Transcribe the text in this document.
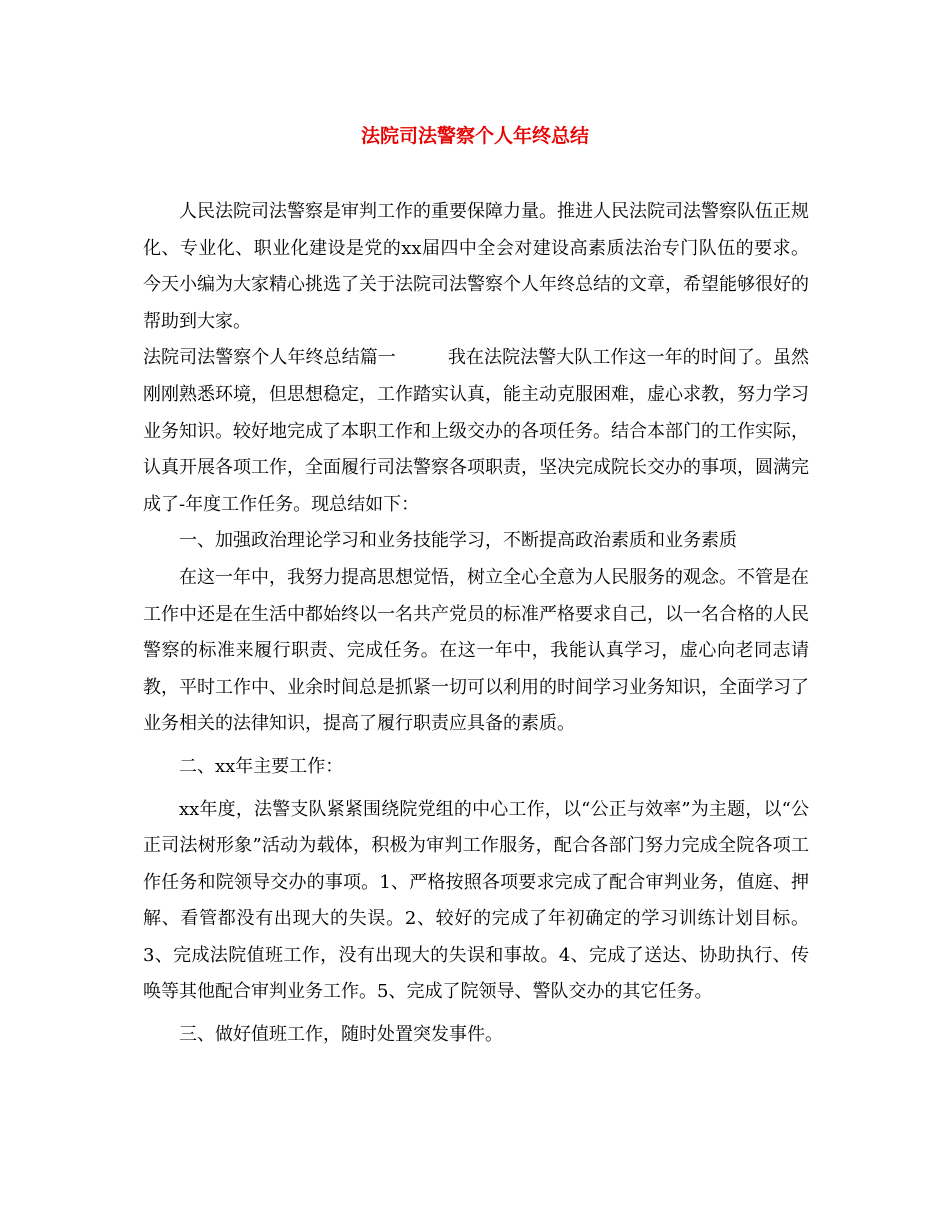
法院司法警察个人年终总结

人民法院司法警察是审判工作的重要保障力量。推进人民法院司法警察队伍正规化、专业化、职业化建设是党的xx届四中全会对建设高素质法治专门队伍的要求。今天小编为大家精心挑选了关于法院司法警察个人年终总结的文章，希望能够很好的帮助到大家。

法院司法警察个人年终总结篇一	我在法院法警大队工作这一年的时间了。虽然刚刚熟悉环境，但思想稳定，工作踏实认真，能主动克服困难，虚心求教，努力学习业务知识。较好地完成了本职工作和上级交办的各项任务。结合本部门的工作实际，认真开展各项工作，全面履行司法警察各项职责，坚决完成院长交办的事项，圆满完成了-年度工作任务。现总结如下：

一、加强政治理论学习和业务技能学习，不断提高政治素质和业务素质

在这一年中，我努力提高思想觉悟，树立全心全意为人民服务的观念。不管是在工作中还是在生活中都始终以一名共产党员的标准严格要求自己，以一名合格的人民警察的标准来履行职责、完成任务。在这一年中，我能认真学习，虚心向老同志请教，平时工作中、业余时间总是抓紧一切可以利用的时间学习业务知识，全面学习了业务相关的法律知识，提高了履行职责应具备的素质。

二、xx年主要工作：

xx年度，法警支队紧紧围绕院党组的中心工作，以“公正与效率”为主题，以“公正司法树形象”活动为载体，积极为审判工作服务，配合各部门努力完成全院各项工作任务和院领导交办的事项。1、严格按照各项要求完成了配合审判业务，值庭、押解、看管都没有出现大的失误。2、较好的完成了年初确定的学习训练计划目标。3、完成法院值班工作，没有出现大的失误和事故。4、完成了送达、协助执行、传唤等其他配合审判业务工作。5、完成了院领导、警队交办的其它任务。

三、做好值班工作，随时处置突发事件。
